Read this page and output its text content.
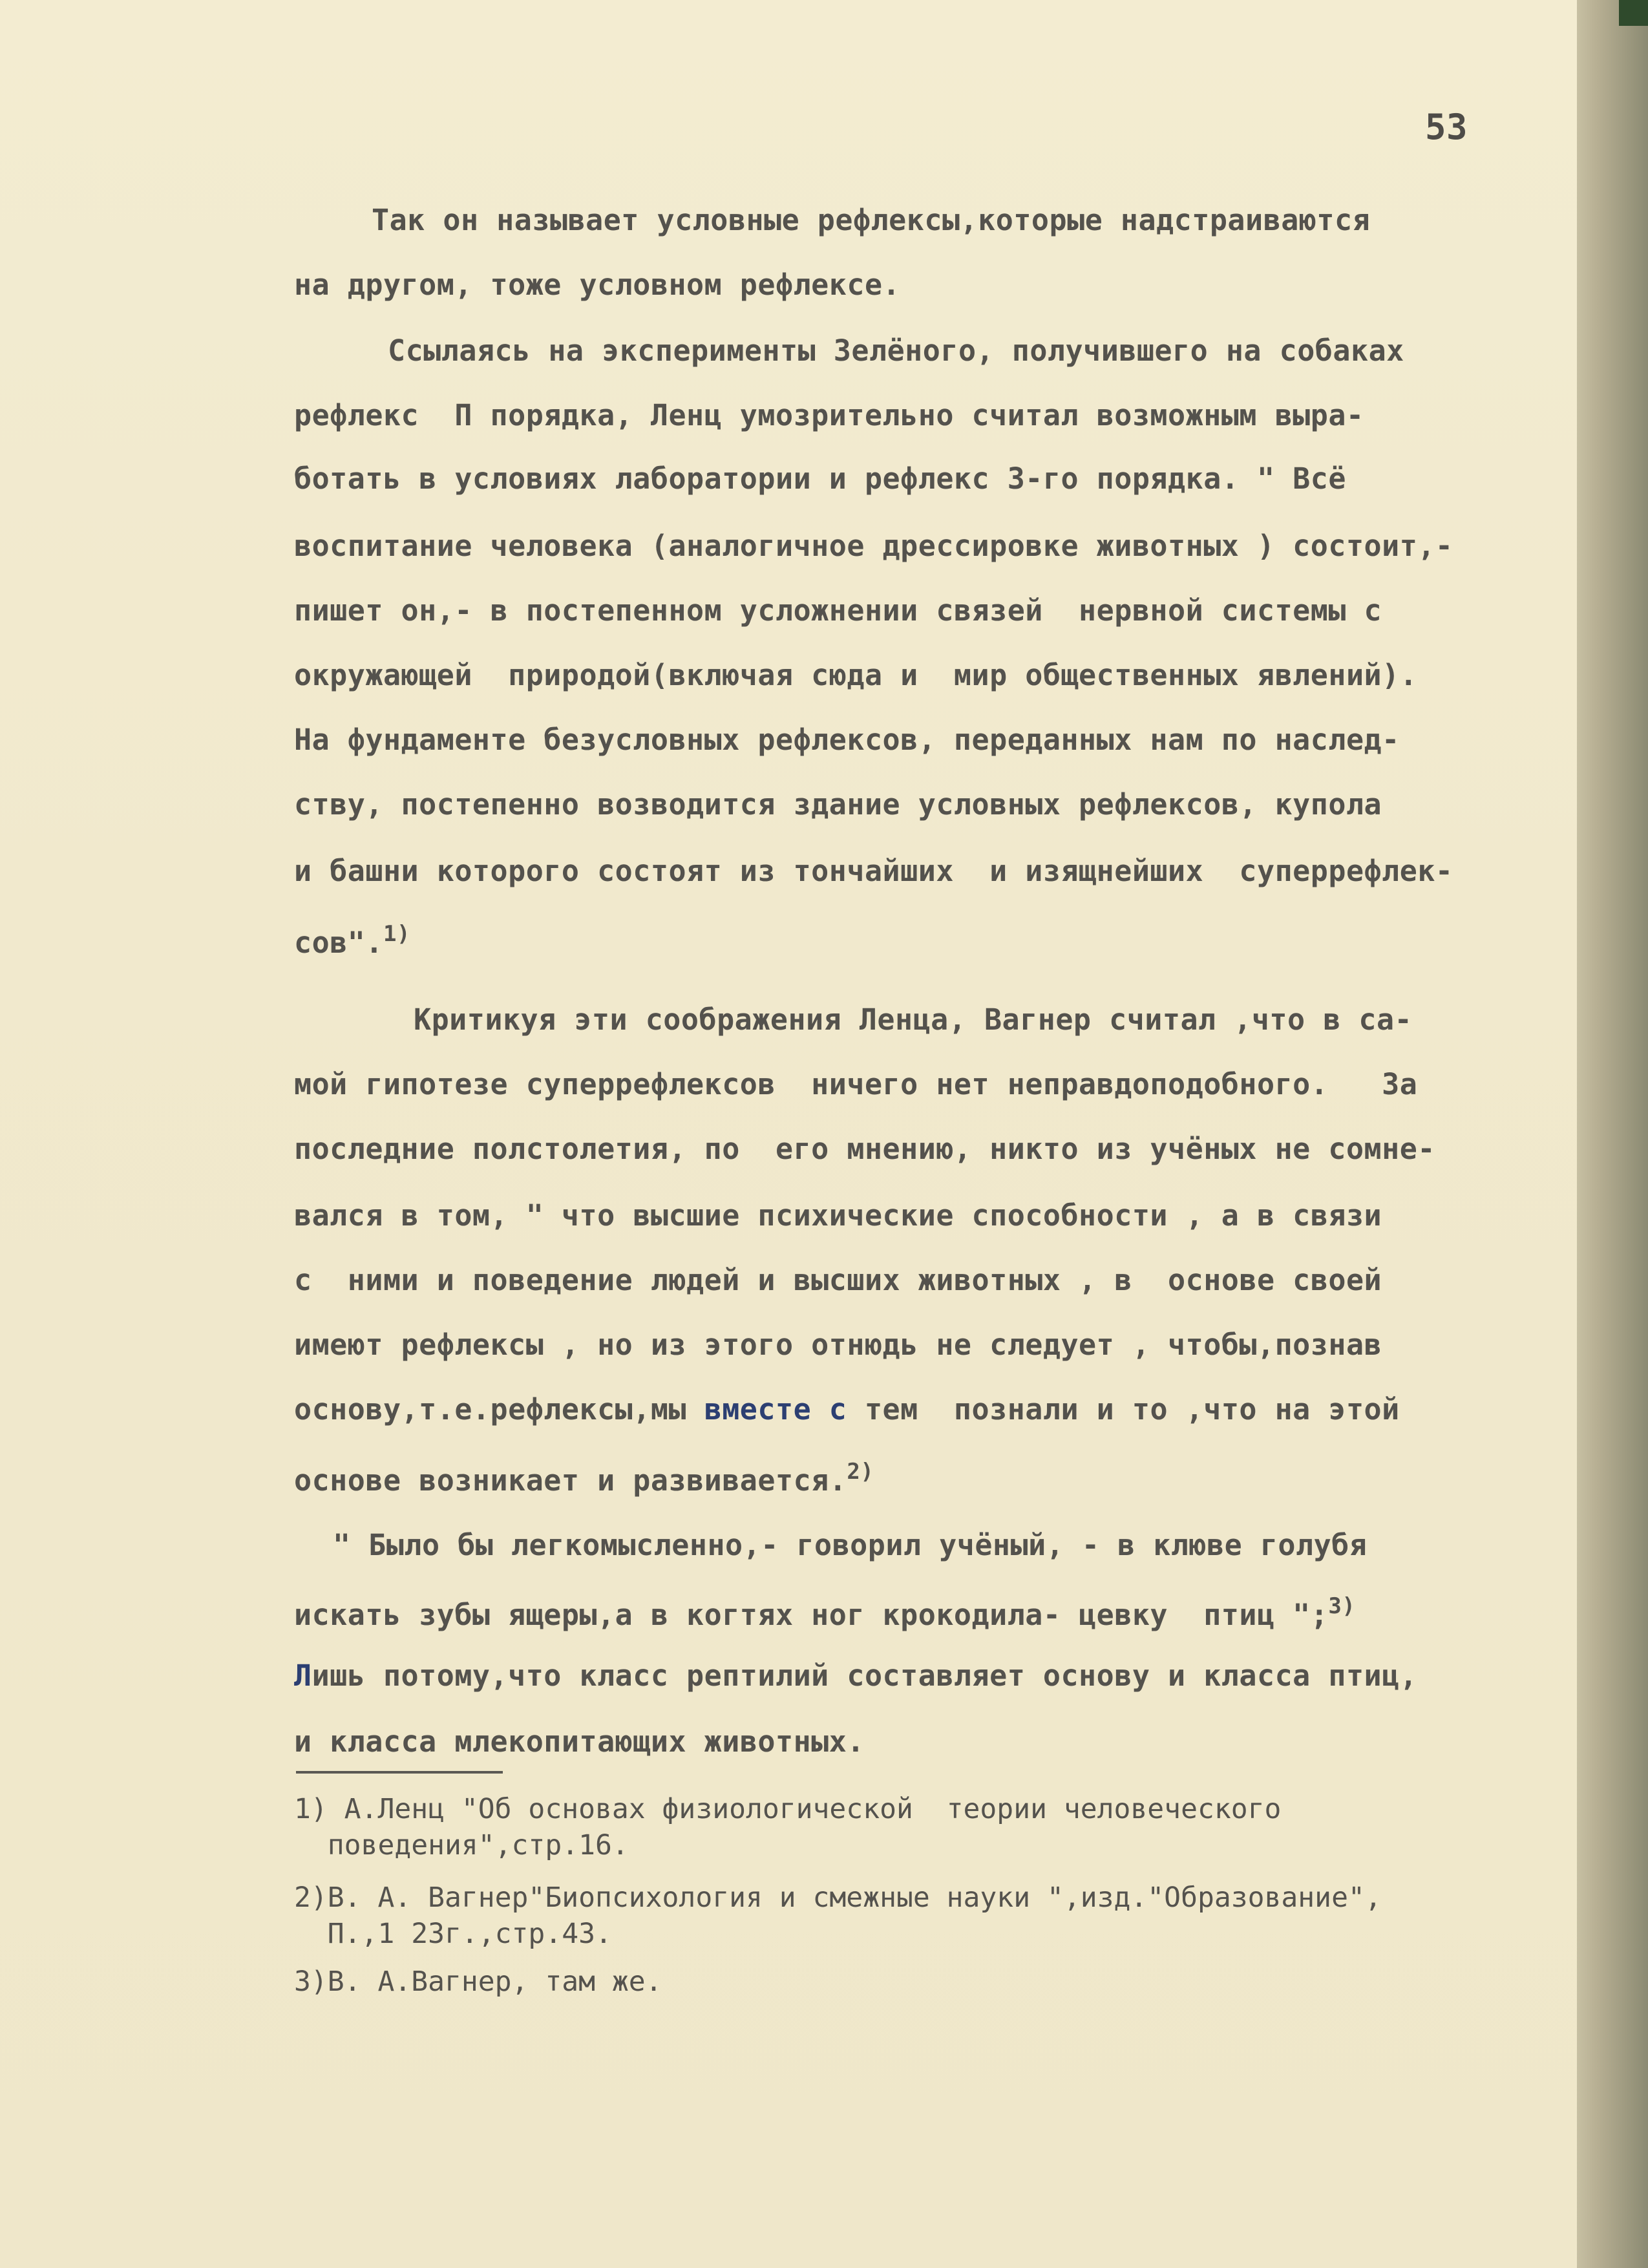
53
Так он называет условные рефлексы,которые надстраиваются
на другом, тоже условном рефлексе.
Ссылаясь на эксперименты Зелёного, получившего на собаках
рефлекс  П порядка, Ленц умозрительно считал возможным выра-
ботать в условиях лаборатории и рефлекс 3-го порядка. " Всё
воспитание человека (аналогичное дрессировке животных ) состоит,-
пишет он,- в постепенном усложнении связей  нервной системы с
окружающей  природой(включая сюда и  мир общественных явлений).
На фундаменте безусловных рефлексов, переданных нам по наслед-
ству, постепенно возводится здание условных рефлексов, купола
и башни которого состоят из тончайших  и изящнейших  суперрефлек-
сов".$^{1)}$
Критикуя эти соображения Ленца, Вагнер считал ,что в са-
мой гипотезе суперрефлексов  ничего нет неправдоподобного.   За
последние полстолетия, по  его мнению, никто из учёных не сомне-
вался в том, " что высшие психические способности , а в связи
с  ними и поведение людей и высших животных , в  основе своей
имеют рефлексы , но из этого отнюдь не следует , чтобы,познав
основу,т.е.рефлексы,мы вместе с тем  познали и то ,что на этой
основе возникает и развивается.$^{2)}$
" Было бы легкомысленно,- говорил учёный, - в клюве голубя
искать зубы ящеры,а в когтях ног крокодила- цевку  птиц ";$^{3)}$
Лишь потому,что класс рептилий составляет основу и класса птиц,
и класса млекопитающих животных.
1) А.Ленц "Об основах физиологической  теории человеческого
поведения",стр.16.
2)В. А. Вагнер"Биопсихология и смежные науки ",изд."Образование",
П.,1 23г.,стр.43.
3)В. А.Вагнер, там же.
